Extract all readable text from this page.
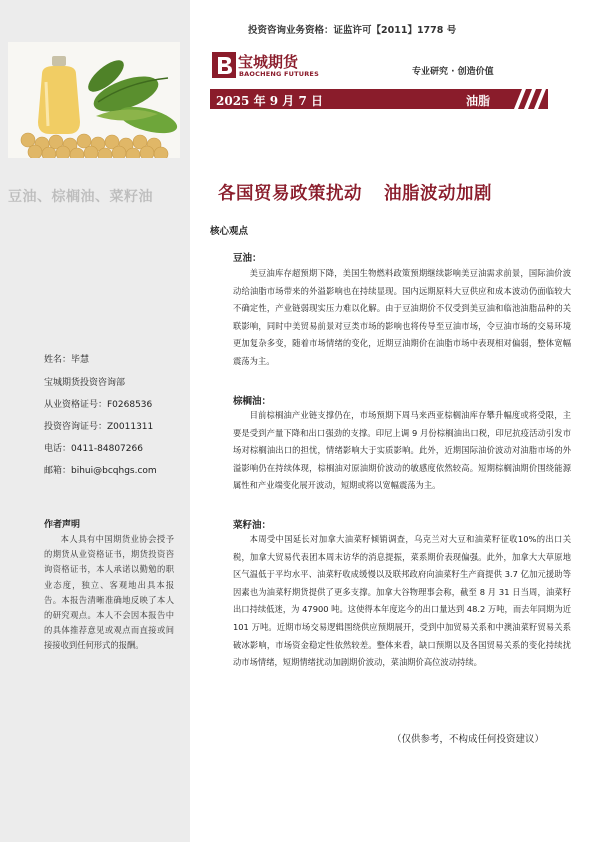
豆油、棕榈油、菜籽油
姓名：毕慧
宝城期货投资咨询部
从业资格证号：F0268536
投资咨询证号：Z0011311
电话：0411-84807266
邮箱：bihui@bcqhgs.com
作者声明
本人具有中国期货业协会授予的期货从业资格证书，期货投资咨询资格证书，本人承诺以勤勉的职业态度，独立、客观地出具本报告。本报告清晰准确地反映了本人的研究观点。本人不会因本报告中的具体推荐意见或观点而直接或间接接收到任何形式的报酬。
投资咨询业务资格：证监许可【2011】1778 号
宝城期货
BAOCHENG FUTURES	专业研究 · 创造价值
2025 年 9 月 7 日	油脂
各国贸易政策扰动 油脂波动加剧
核心观点
豆油：
美豆油库存超预期下降，美国生物燃料政策预期继续影响美豆油需求前景，国际油价波动给油脂市场带来的外溢影响也在持续显现。国内远期原料大豆供应和成本波动仍面临较大不确定性，产业链弱现实压力难以化解。由于豆油期价不仅受到美豆油和临池油脂品种的关联影响，同时中美贸易前景对豆类市场的影响也将传导至豆油市场，令豆油市场的交易环境更加复杂多变，随着市场情绪的变化，近期豆油期价在油脂市场中表现相对偏弱，整体宽幅震荡为主。
棕榈油：
目前棕榈油产业链支撑仍在，市场预期下周马来西亚棕榈油库存攀升幅度或将受限，主要是受到产量下降和出口强劲的支撑。印尼上调 9 月份棕榈油出口税，印尼抗疫活动引发市场对棕榈油出口的担忧，情绪影响大于实质影响。此外，近期国际油价波动对油脂市场的外溢影响仍在持续体现，棕榈油对原油期价波动的敏感度依然较高。短期棕榈油期价围绕能源属性和产业端变化展开波动，短期或将以宽幅震荡为主。
菜籽油：
本周受中国延长对加拿大油菜籽倾销调查，乌克兰对大豆和油菜籽征收10%的出口关税，加拿大贸易代表团本周末访华的消息提振，菜系期价表现偏强。此外，加拿大大草原地区气温低于平均水平、油菜籽收成缓慢以及联邦政府向油菜籽生产商提供 3.7 亿加元援助等因素也为油菜籽期货提供了更多支撑。加拿大谷物理事会称，截至 8 月 31 日当周，油菜籽出口持续低迷，为 47900 吨。这使得本年度迄今的出口量达到 48.2 万吨，而去年同期为近 101 万吨。近期市场交易逻辑围绕供应预期展开，受到中加贸易关系和中澳油菜籽贸易关系破冰影响，市场资金稳定性依然较差。整体来看，缺口预期以及各国贸易关系的变化持续扰动市场情绪，短期情绪扰动加剧期价波动，菜油期价高位波动持续。
（仅供参考，不构成任何投资建议）
